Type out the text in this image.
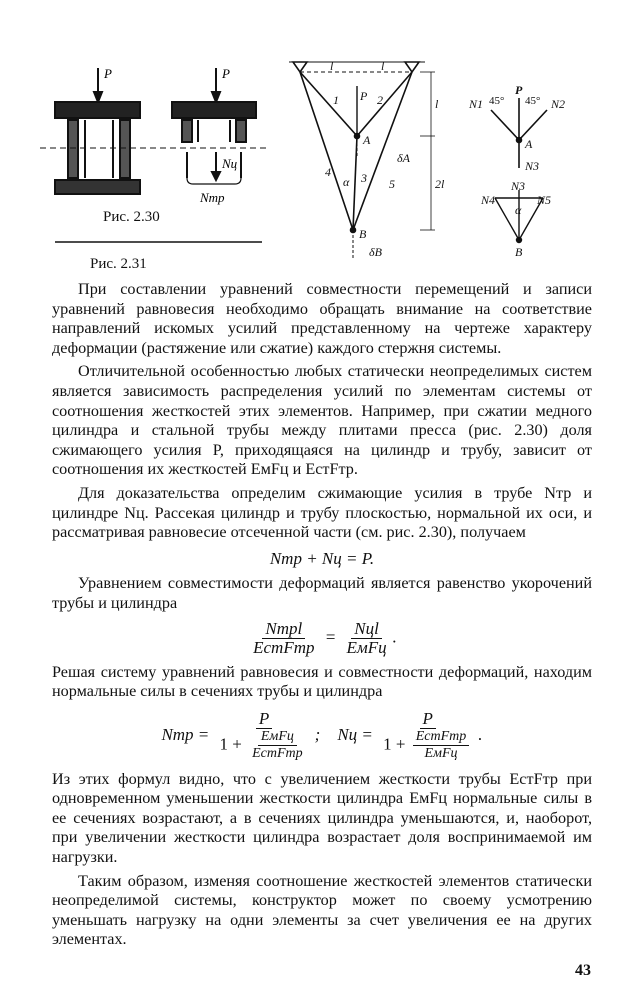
P	P
Nц
Nтр
Рис. 2.30
Рис. 2.31
l	l
P
1	2
3
4
5
A
B
α
δA
δB
l
2l
P
N1	N2
45° 45°
A
N3
N3
N4	N5
α
B

При составлении уравнений совместности перемещений и записи уравнений равновесия необходимо обращать внимание на соответствие направлений искомых усилий представленному на чертеже характеру деформации (растяжение или сжатие) каждого стержня системы.

Отличительной особенностью любых статически неопределимых систем является зависимость распределения усилий по элементам системы от соотношения жесткостей этих элементов. Например, при сжатии медного цилиндра и стальной трубы между плитами пресса (рис. 2.30) доля сжимающего усилия P, приходящаяся на цилиндр и трубу, зависит от соотношения их жесткостей EмFц и EстFтр.

Для доказательства определим сжимающие усилия в трубе Nтр и цилиндре Nц. Рассекая цилиндр и трубу плоскостью, нормальной их оси, и рассматривая равновесие отсеченной части (см. рис. 2.30), получаем

Nтр + Nц = P.

Уравнением совместимости деформаций является равенство укорочений трубы и цилиндра

$\frac{\text{Nтрl}}{\text{EстFтр}} = \frac{\text{Nцl}}{\text{EмFц}}$ .

Решая систему уравнений равновесия и совместности деформаций, находим нормальные силы в сечениях трубы и цилиндра

Nтр = $\frac{P}{1 + \frac{\text{EмFц}}{\text{EстFтр}}}$ ;    Nц = $\frac{P}{1 + \frac{\text{EстFтр}}{\text{EмFц}}}$ .

Из этих формул видно, что с увеличением жесткости трубы EстFтр при одновременном уменьшении жесткости цилиндра EмFц нормальные силы в ее сечениях возрастают, а в сечениях цилиндра уменьшаются, и, наоборот, при увеличении жесткости цилиндра возрастает доля воспринимаемой им нагрузки.

Таким образом, изменяя соотношение жесткостей элементов статически неопределимой системы, конструктор может по своему усмотрению уменьшать нагрузку на одни элементы за счет увеличения ее на других элементах.

43
